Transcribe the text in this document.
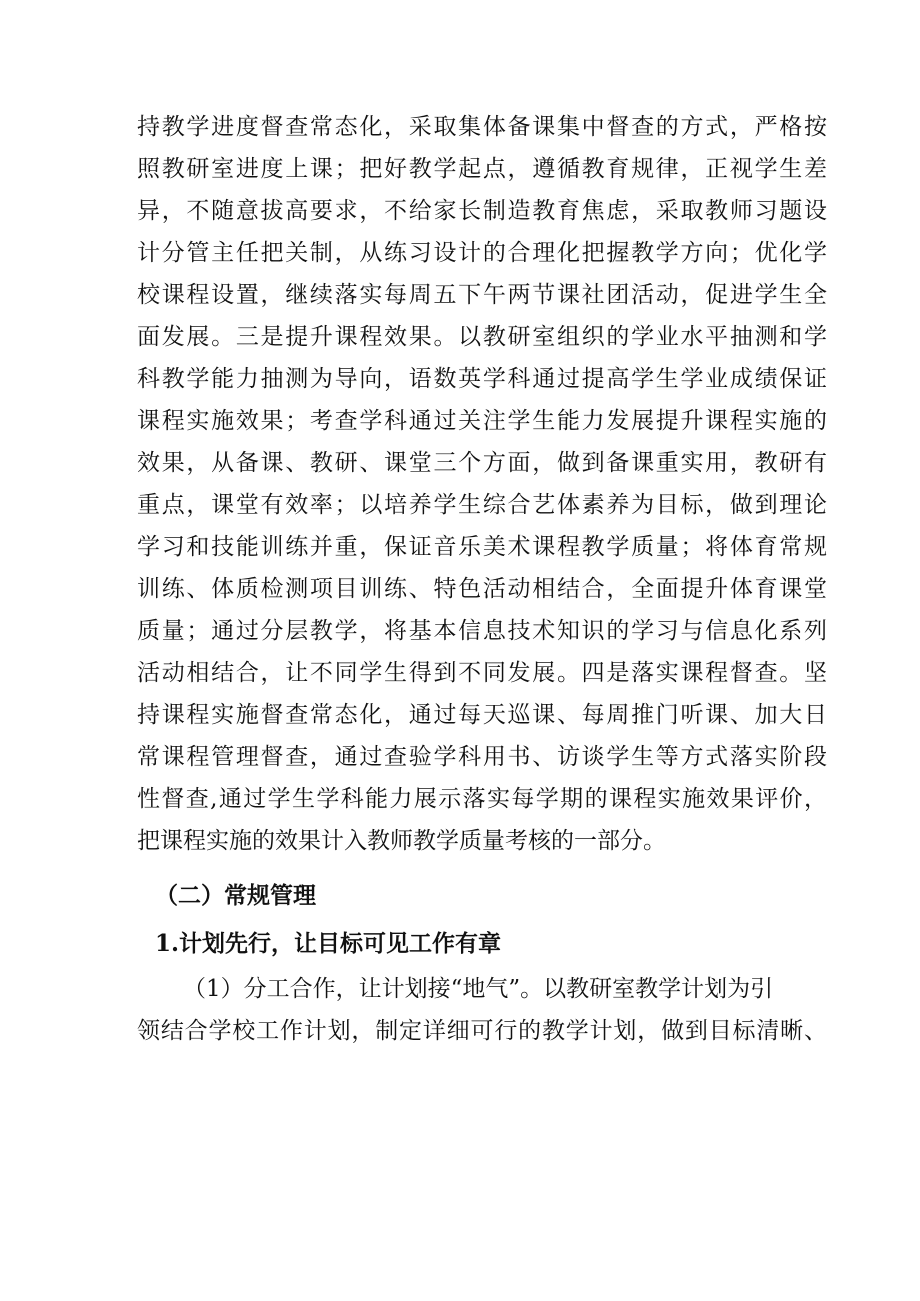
持教学进度督查常态化，采取集体备课集中督查的方式，严格按
照教研室进度上课；把好教学起点，遵循教育规律，正视学生差
异，不随意拔高要求，不给家长制造教育焦虑，采取教师习题设
计分管主任把关制，从练习设计的合理化把握教学方向；优化学
校课程设置，继续落实每周五下午两节课社团活动，促进学生全
面发展。三是提升课程效果。以教研室组织的学业水平抽测和学
科教学能力抽测为导向，语数英学科通过提高学生学业成绩保证
课程实施效果；考查学科通过关注学生能力发展提升课程实施的
效果，从备课、教研、课堂三个方面，做到备课重实用，教研有
重点，课堂有效率；以培养学生综合艺体素养为目标，做到理论
学习和技能训练并重，保证音乐美术课程教学质量；将体育常规
训练、体质检测项目训练、特色活动相结合，全面提升体育课堂
质量；通过分层教学，将基本信息技术知识的学习与信息化系列
活动相结合，让不同学生得到不同发展。四是落实课程督查。坚
持课程实施督查常态化，通过每天巡课、每周推门听课、加大日
常课程管理督查，通过查验学科用书、访谈学生等方式落实阶段
性督查,通过学生学科能力展示落实每学期的课程实施效果评价，
把课程实施的效果计入教师教学质量考核的一部分。
（二）常规管理
1.计划先行，让目标可见工作有章
（1）分工合作，让计划接“地气”。以教研室教学计划为引
领结合学校工作计划，制定详细可行的教学计划，做到目标清晰、
